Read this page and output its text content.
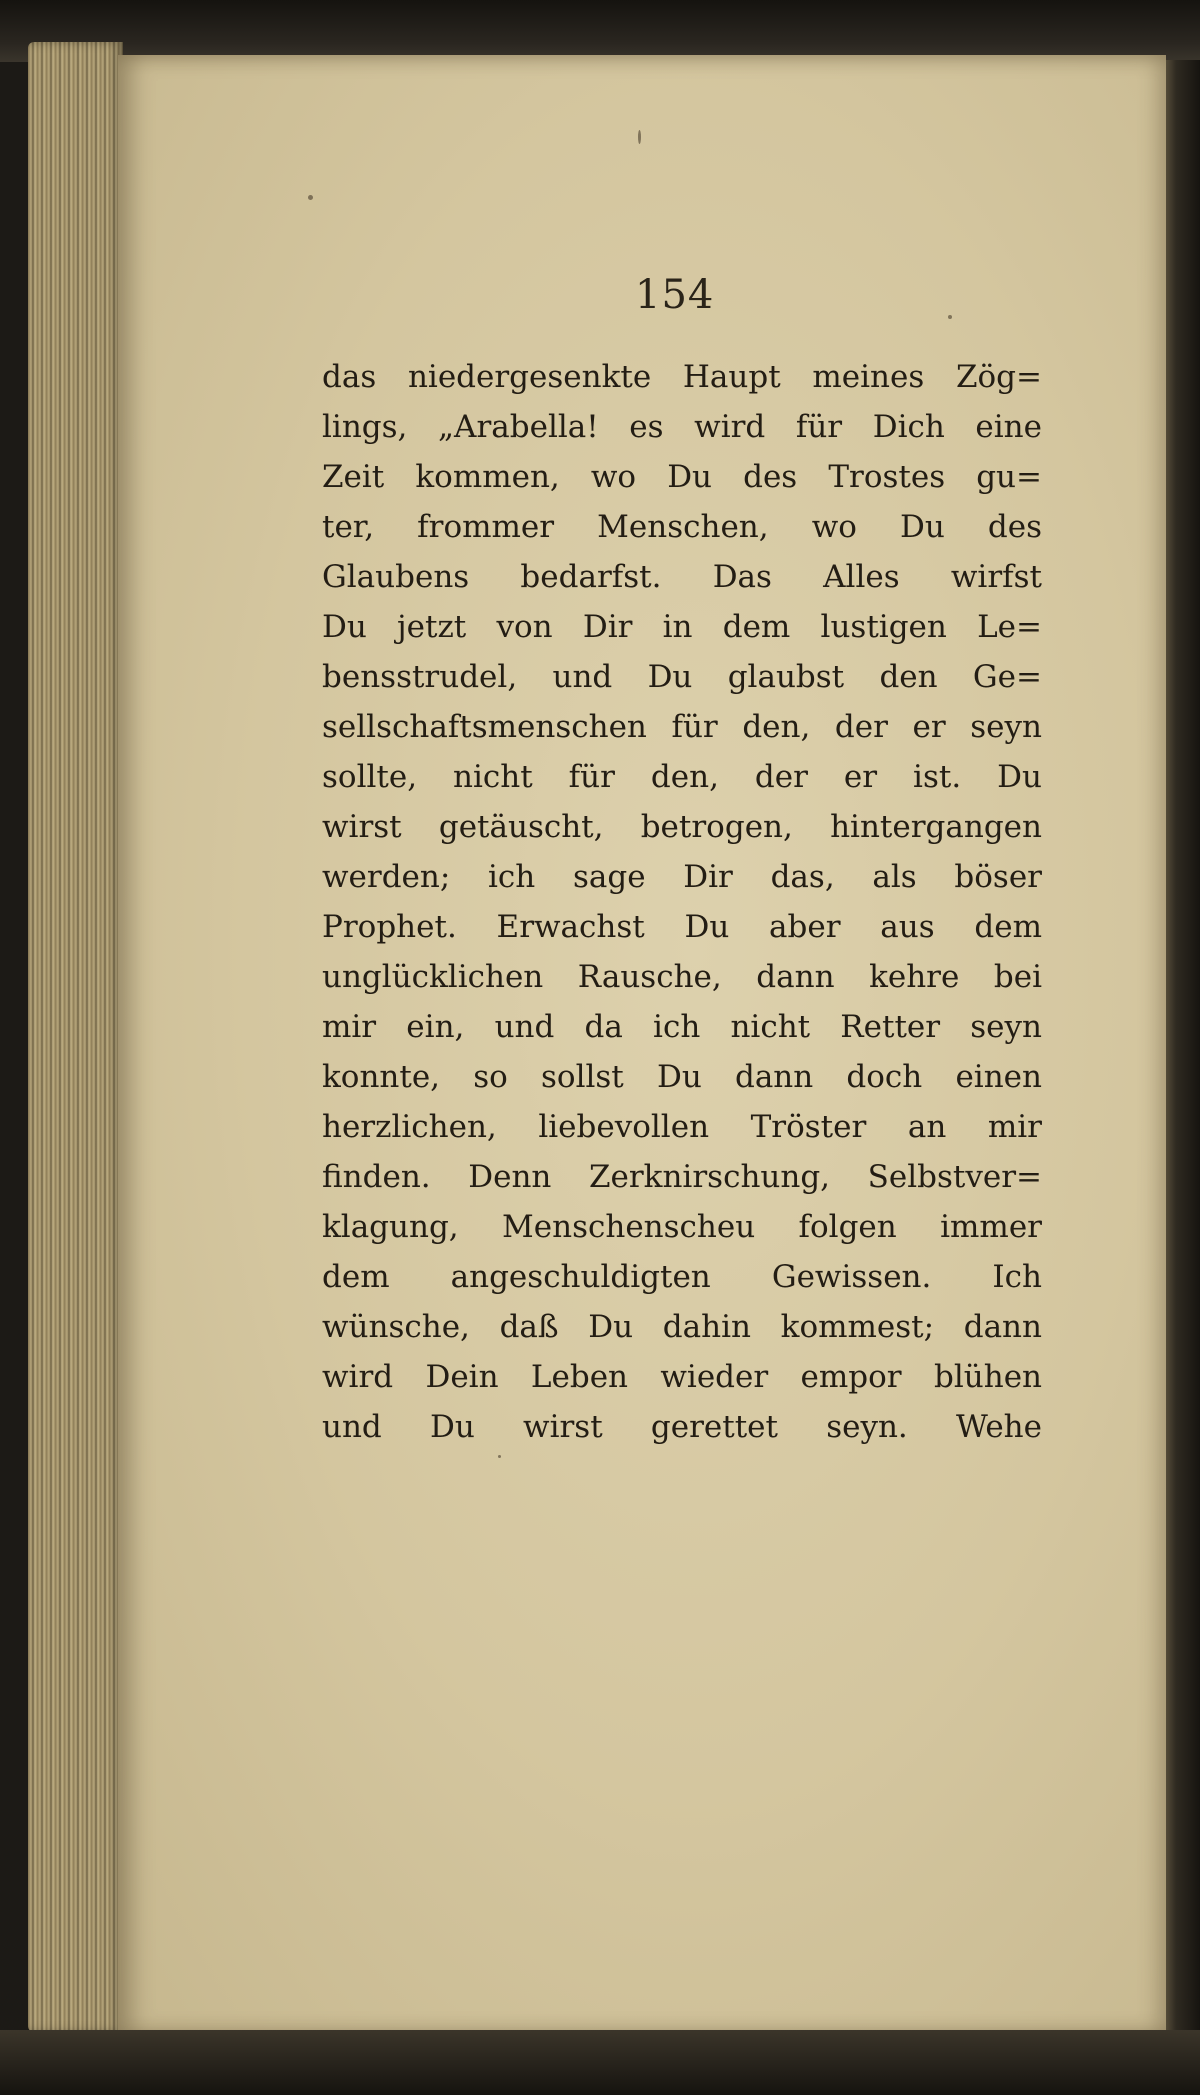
154
das niedergesenkte Haupt meines Zög=
lings, „Arabella! es wird für Dich eine
Zeit kommen, wo Du des Trostes gu=
ter, frommer Menschen, wo Du des
Glaubens bedarfst. Das Alles wirfst
Du jetzt von Dir in dem lustigen Le=
bensstrudel, und Du glaubst den Ge=
sellschaftsmenschen für den, der er seyn
sollte, nicht für den, der er ist. Du
wirst getäuscht, betrogen, hintergangen
werden; ich sage Dir das, als böser
Prophet. Erwachst Du aber aus dem
unglücklichen Rausche, dann kehre bei
mir ein, und da ich nicht Retter seyn
konnte, so sollst Du dann doch einen
herzlichen, liebevollen Tröster an mir
finden. Denn Zerknirschung, Selbstver=
klagung, Menschenscheu folgen immer
dem angeschuldigten Gewissen. Ich
wünsche, daß Du dahin kommest; dann
wird Dein Leben wieder empor blühen
und Du wirst gerettet seyn. Wehe
